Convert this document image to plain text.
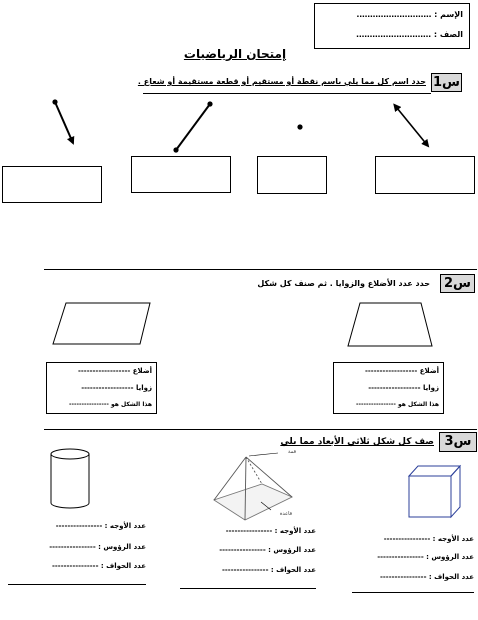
الإسم : ……………………….
الصف : ……………………….
إمتحان الرياضيات
س1
حدد اسم كل مما يلي باسم نقطة أو مستقيم أو قطعة مستقيمة أو شعاع .
س2
حدد عدد الأضلاع والزوايا . ثم صنف كل شكل
أضلاع ------------------
زوايا ------------------
هذا الشكل هو ----------------
أضلاع ------------------
زوايا ------------------
هذا الشكل هو ----------------
س3
صف كل شكل ثلاثي الأبعاد مما يلي
قمة
قاعدة
عدد الأوجه : ----------------
عدد الرؤوس : ----------------
عدد الحواف : ----------------
عدد الأوجه : ----------------
عدد الرؤوس : ----------------
عدد الحواف : ----------------
عدد الأوجه : ----------------
عدد الرؤوس : ----------------
عدد الحواف : ----------------
